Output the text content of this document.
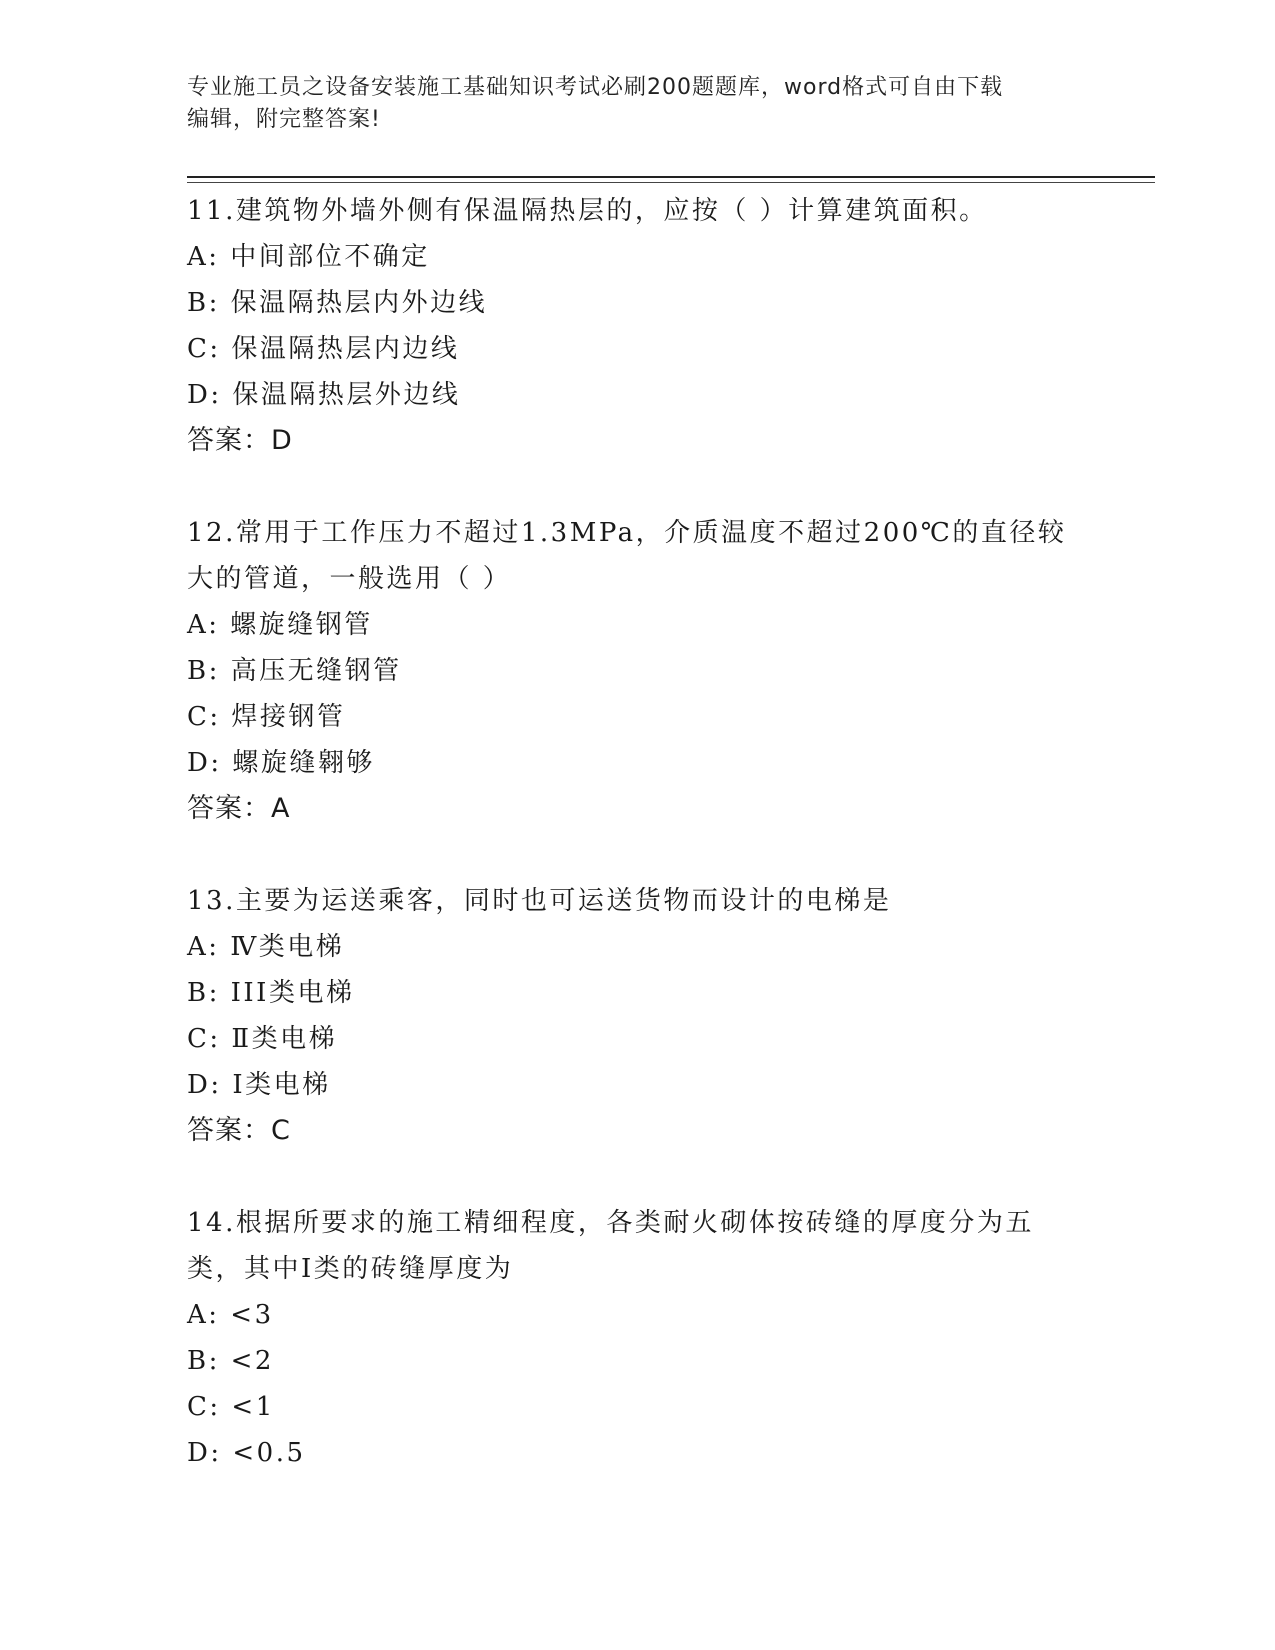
专业施工员之设备安装施工基础知识考试必刷200题题库，word格式可自由下载
编辑，附完整答案!
11.建筑物外墙外侧有保温隔热层的，应按（ ）计算建筑面积。
A: 中间部位不确定
B: 保温隔热层内外边线
C: 保温隔热层内边线
D: 保温隔热层外边线
答案：D
12.常用于工作压力不超过1.3MPa，介质温度不超过200℃的直径较大的管道，一般选用（ ）
A: 螺旋缝钢管
B: 高压无缝钢管
C: 焊接钢管
D: 螺旋缝翱够
答案：A
13.主要为运送乘客，同时也可运送货物而设计的电梯是
A: Ⅳ类电梯
B: III类电梯
C: Ⅱ类电梯
D: Ⅰ类电梯
答案：C
14.根据所要求的施工精细程度，各类耐火砌体按砖缝的厚度分为五类，其中Ⅰ类的砖缝厚度为
A: <3
B: <2
C: <1
D: <0.5
